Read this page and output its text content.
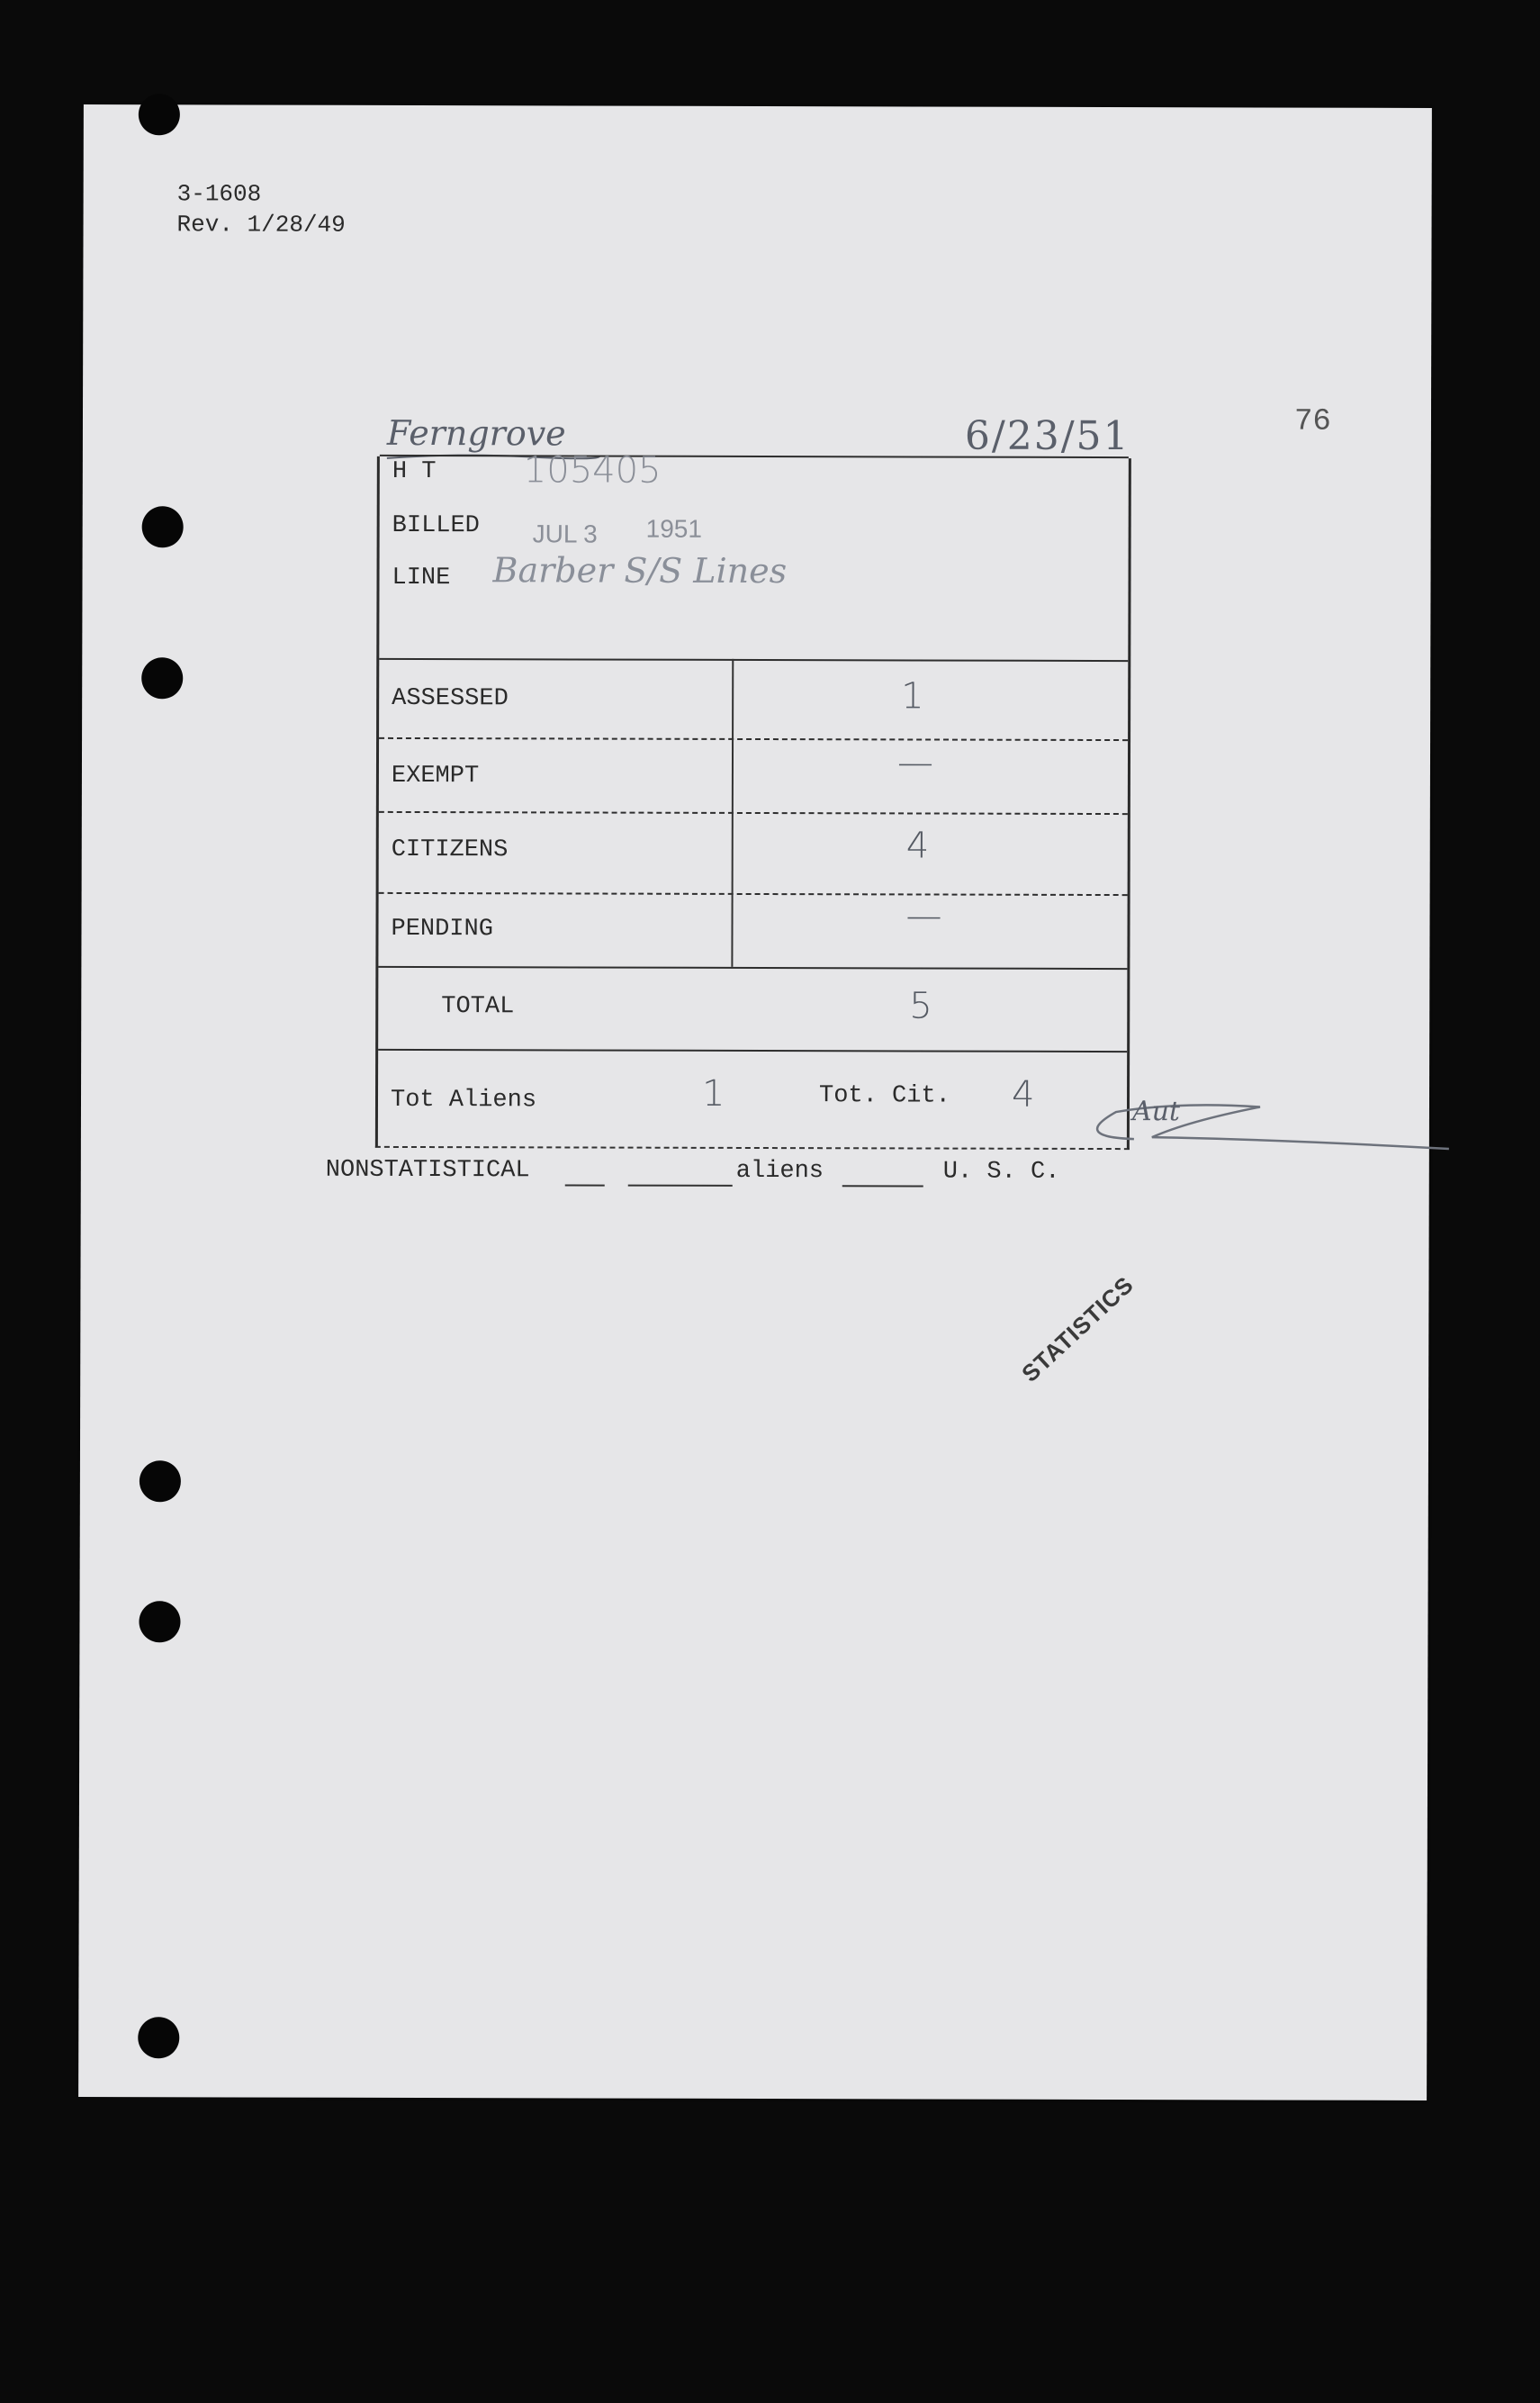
3-1608
Rev. 1/28/49
76
Ferngrove	6/23/51
H T 105405
BILLED JUL 3 1951
LINE Barber S/S Lines
ASSESSED	1
EXEMPT	—
CITIZENS	4
PENDING	—
TOTAL	5
Tot Aliens	1	Tot. Cit. 4	Aut
NONSTATISTICAL	aliens	U. S. C.
STATISTICS
